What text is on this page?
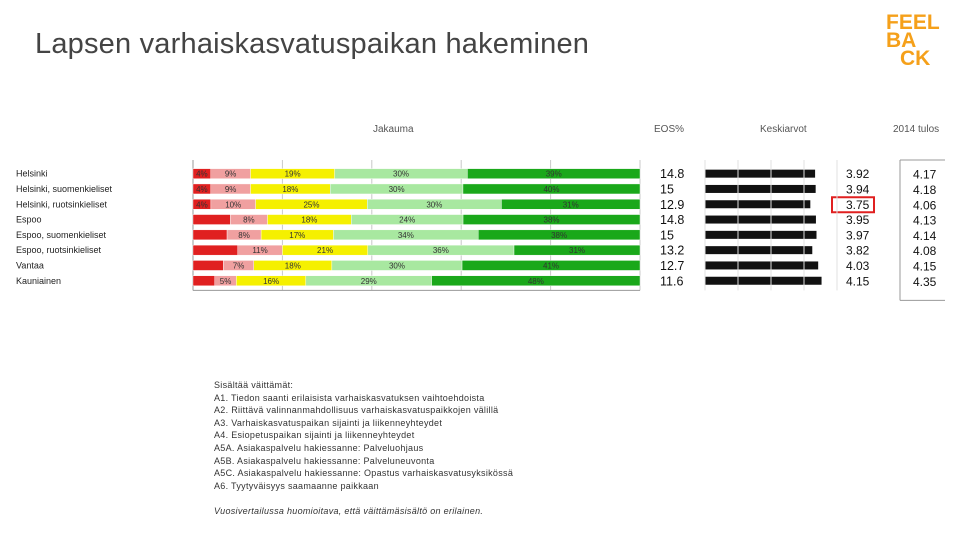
Lapsen varhaiskasvatuspaikan hakeminen
FEEL
BA
CK
Jakauma	EOS%	Keskiarvot	2014 tulos
Helsinki	4% 9%	19%	30%	39%	14.8	3.92	4.17
Helsinki, suomenkieliset	4% 9%	18%	30%	40%	15	3.94	4.18
Helsinki, ruotsinkieliset	4% 10%	25%	30%	31%	12.9	3.75	4.06
Espoo	8%	18%	24%	38%	14.8	3.95	4.13
Espoo, suomenkieliset	8%	17%	34%	38%	15	3.97	4.14
Espoo, ruotsinkieliset	11%	21%	36%	31%	13.2	3.82	4.08
Vantaa	7%	18%	30%	41%	12.7	4.03	4.15
Kauniainen	5%	16%	29%	48%	11.6	4.15	4.35
Sisältää väittämät:
A1. Tiedon saanti erilaisista varhaiskasvatuksen vaihtoehdoista
A2. Riittävä valinnanmahdollisuus varhaiskasvatuspaikkojen välillä
A3. Varhaiskasvatuspaikan sijainti ja liikenneyhteydet
A4. Esiopetuspaikan sijainti ja liikenneyhteydet
A5A. Asiakaspalvelu hakiessanne: Palveluohjaus
A5B. Asiakaspalvelu hakiessanne: Palveluneuvonta
A5C. Asiakaspalvelu hakiessanne: Opastus varhaiskasvatusyksikössä
A6. Tyytyväisyys saamaanne paikkaan
Vuosivertailussa huomioitava, että väittämäsisältö on erilainen.
